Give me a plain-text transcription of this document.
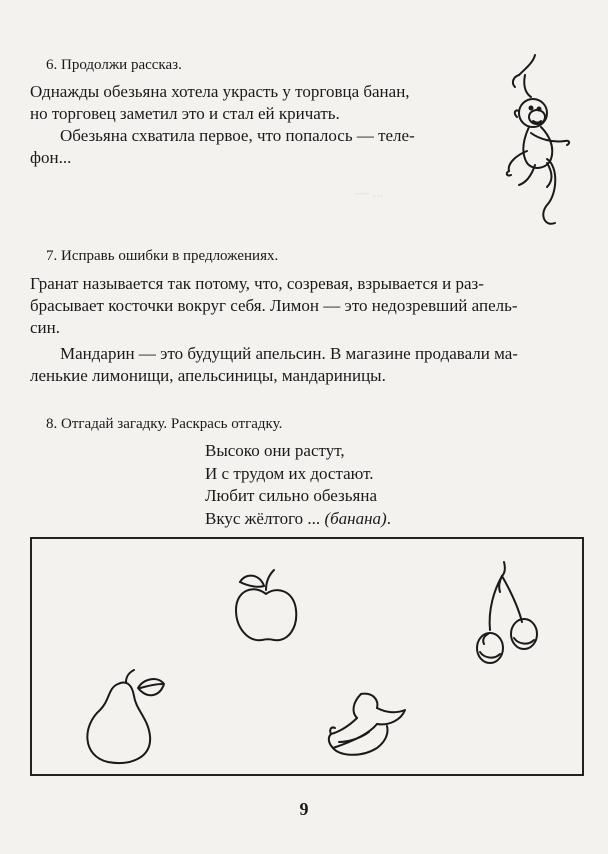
— ...
6. Продолжи рассказ.
Однажды обезьяна хотела украсть у торговца банан,
но торговец заметил это и стал ей кричать.
Обезьяна схватила первое, что попалось — теле-
фон...
7. Исправь ошибки в предложениях.
Гранат называется так потому, что, созревая, взрывается и раз-
брасывает косточки вокруг себя. Лимон — это недозревший апель-
син.
Мандарин — это будущий апельсин. В магазине продавали ма-
ленькие лимонищи, апельсиницы, мандариницы.
8. Отгадай загадку. Раскрась отгадку.
Высоко они растут,
И с трудом их достают.
Любит сильно обезьяна
Вкус жёлтого ... (банана).
9
